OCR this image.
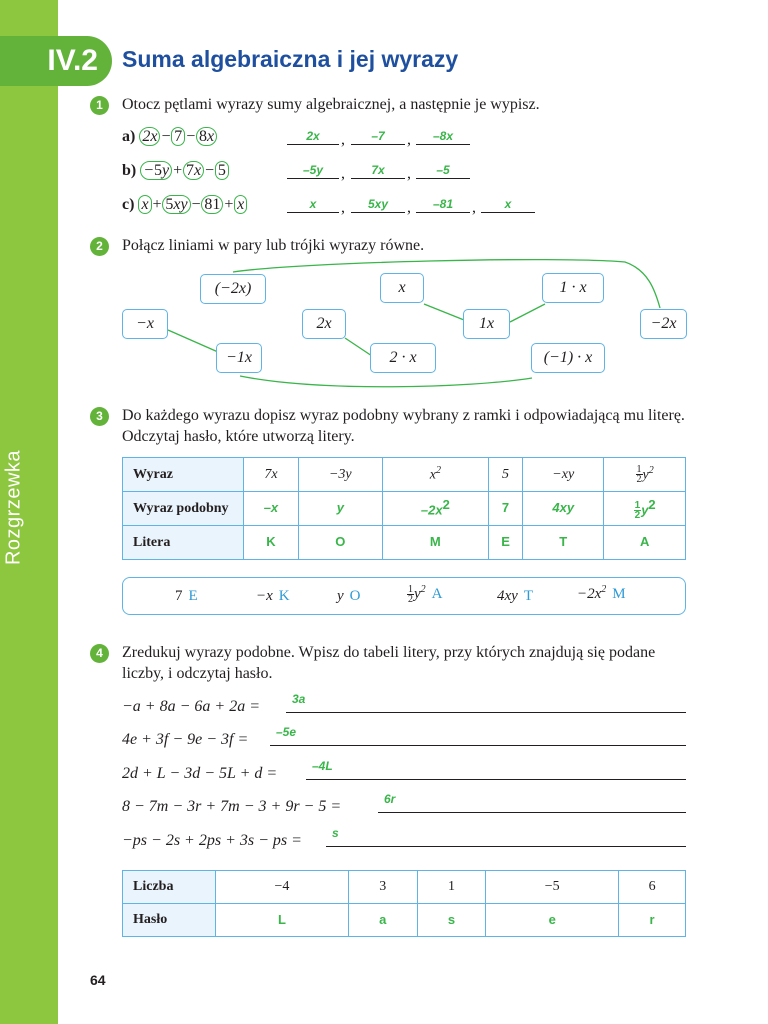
Rozgrzewka
IV.2	Suma algebraiczna i jej wyrazy
1	Otocz pętlami wyrazy sumy algebraicznej, a następnie je wypisz.
a) 2x − 7 − 8x	2x	,	–7	,	–8x
b) −5y + 7x − 5	–5y	,	7x	,	–5
c) x + 5xy − 81 + x	x	,	5xy	,	–81	,	x
2	Połącz liniami w pary lub trójki wyrazy równe.
(−2x)	x	1 · x
−x	2x	1x	−2x
−1x	2 · x	(−1) · x
3	Do każdego wyrazu dopisz wyraz podobny wybrany z ramki i odpowiadającą mu literę. Odczytaj hasło, które utworzą litery.
Wyraz	7x	−3y	$x^2$	5	−xy	$\frac{1}{2} y^2$
Wyraz podobny	–x	y	$-2x^2$	7	4xy	$\frac{1}{2} y^2$
Litera	K	O	M	E	T	A
7 E	−x K	y O	$\frac{1}{2} y^2$ A	4xy T	$-2x^2$ M
4	Zredukuj wyrazy podobne. Wpisz do tabeli litery, przy których znajdują się podane liczby, i odczytaj hasło.
−a + 8a − 6a + 2a =	3a
4e + 3f − 9e − 3f = –5e
2d + L − 3d − 5L + d =	–4L
8 − 7m − 3r + 7m − 3 + 9r − 5 =	6r
−ps − 2s + 2ps + 3s − ps =	s
Liczba	−4	3	1	−5	6
Hasło	L	a	s	e	r
64
